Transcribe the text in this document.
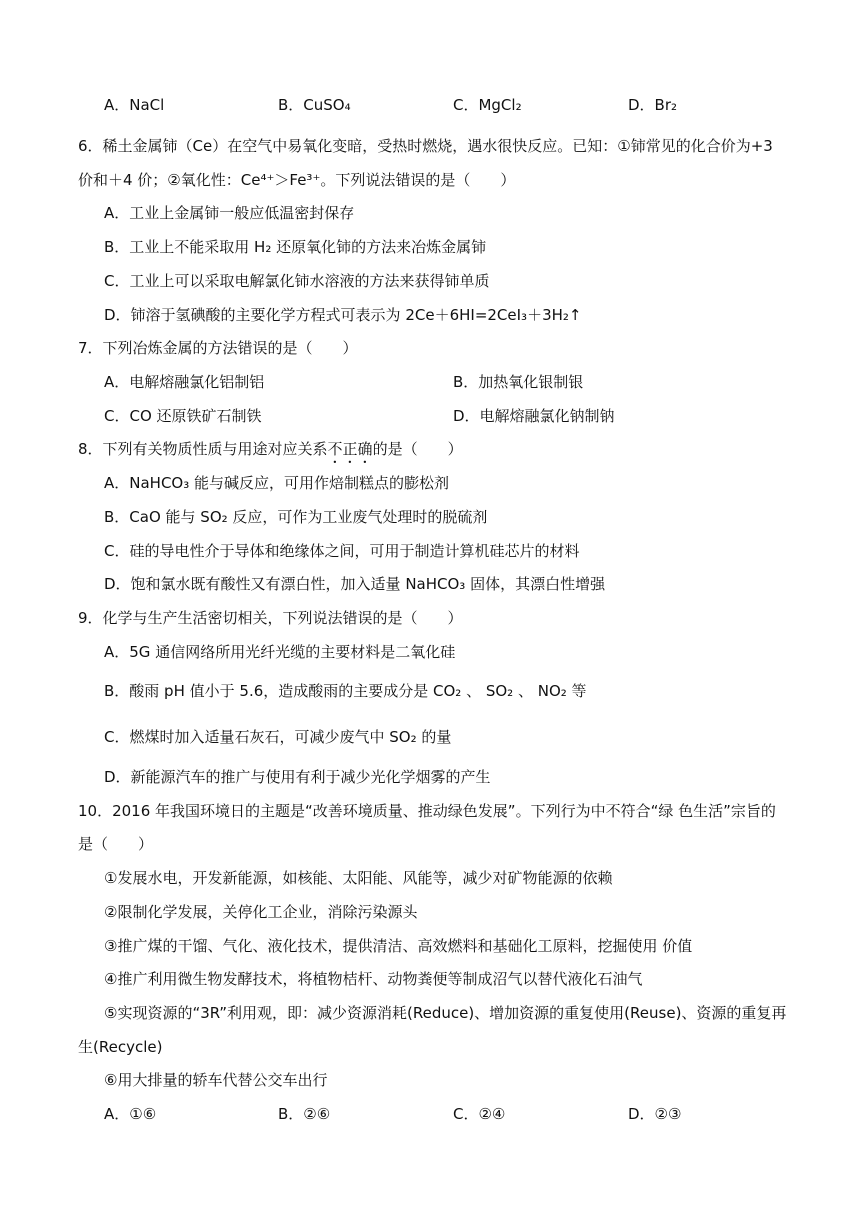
A．NaCl	B．CuSO₄	C．MgCl₂	D．Br₂
6．稀土金属铈（Ce）在空气中易氧化变暗，受热时燃烧，遇水很快反应。已知：①铈常见的化合价为+3
价和＋4 价；②氧化性：Ce⁴⁺＞Fe³⁺。下列说法错误的是（　　）
A．工业上金属铈一般应低温密封保存
B．工业上不能采取用 H₂ 还原氧化铈的方法来冶炼金属铈
C．工业上可以采取电解氯化铈水溶液的方法来获得铈单质
D．铈溶于氢碘酸的主要化学方程式可表示为 2Ce＋6HI=2CeI₃＋3H₂↑
7．下列冶炼金属的方法错误的是（　　）
A．电解熔融氯化铝制铝	B．加热氧化银制银
C．CO 还原铁矿石制铁	D．电解熔融氯化钠制钠
8．下列有关物质性质与用途对应关系不正确的是（　　）
A．NaHCO₃ 能与碱反应，可用作焙制糕点的膨松剂
B．CaO 能与 SO₂ 反应，可作为工业废气处理时的脱硫剂
C．硅的导电性介于导体和绝缘体之间，可用于制造计算机硅芯片的材料
D．饱和氯水既有酸性又有漂白性，加入适量 NaHCO₃ 固体，其漂白性增强
9．化学与生产生活密切相关，下列说法错误的是（　　）
A．5G 通信网络所用光纤光缆的主要材料是二氧化硅
B．酸雨 pH 值小于 5.6，造成酸雨的主要成分是 CO₂ 、 SO₂ 、 NO₂ 等
C．燃煤时加入适量石灰石，可减少废气中 SO₂ 的量
D．新能源汽车的推广与使用有利于减少光化学烟雾的产生
10．2016 年我国环境日的主题是“改善环境质量、推动绿色发展”。下列行为中不符合“绿 色生活”宗旨的
是（　　）
①发展水电，开发新能源，如核能、太阳能、风能等，减少对矿物能源的依赖
②限制化学发展，关停化工企业，消除污染源头
③推广煤的干馏、气化、液化技术，提供清洁、高效燃料和基础化工原料，挖掘使用 价值
④推广利用微生物发酵技术，将植物桔杆、动物粪便等制成沼气以替代液化石油气
⑤实现资源的“3R”利用观，即：减少资源消耗(Reduce)、增加资源的重复使用(Reuse)、资源的重复再
生(Recycle)
⑥用大排量的轿车代替公交车出行
A．①⑥	B．②⑥	C．②④	D．②③
